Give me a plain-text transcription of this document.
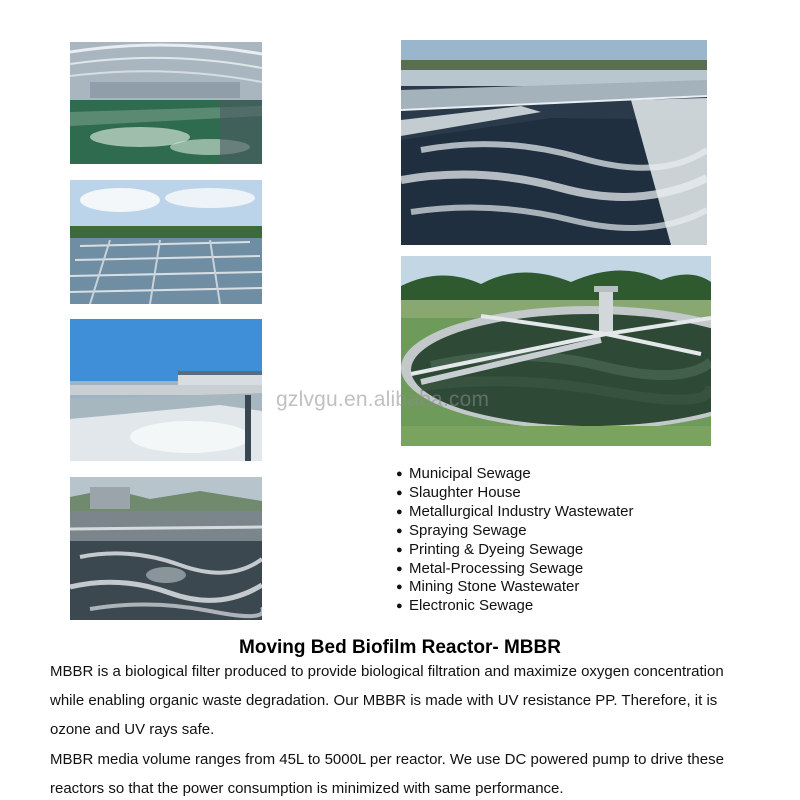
gzlvgu.en.alibaba.com
● Municipal Sewage
● Slaughter House
● Metallurgical Industry Wastewater
● Spraying Sewage
● Printing & Dyeing Sewage
● Metal-Processing Sewage
● Mining Stone Wastewater
● Electronic Sewage
Moving Bed Biofilm Reactor- MBBR
MBBR is a biological filter produced to provide biological filtration and maximize oxygen concentration
while enabling organic waste degradation. Our MBBR is made with UV resistance PP. Therefore, it is
ozone and UV rays safe.
MBBR media volume ranges from 45L to 5000L per reactor. We use DC powered pump to drive these
reactors so that the power consumption is minimized with same performance.
